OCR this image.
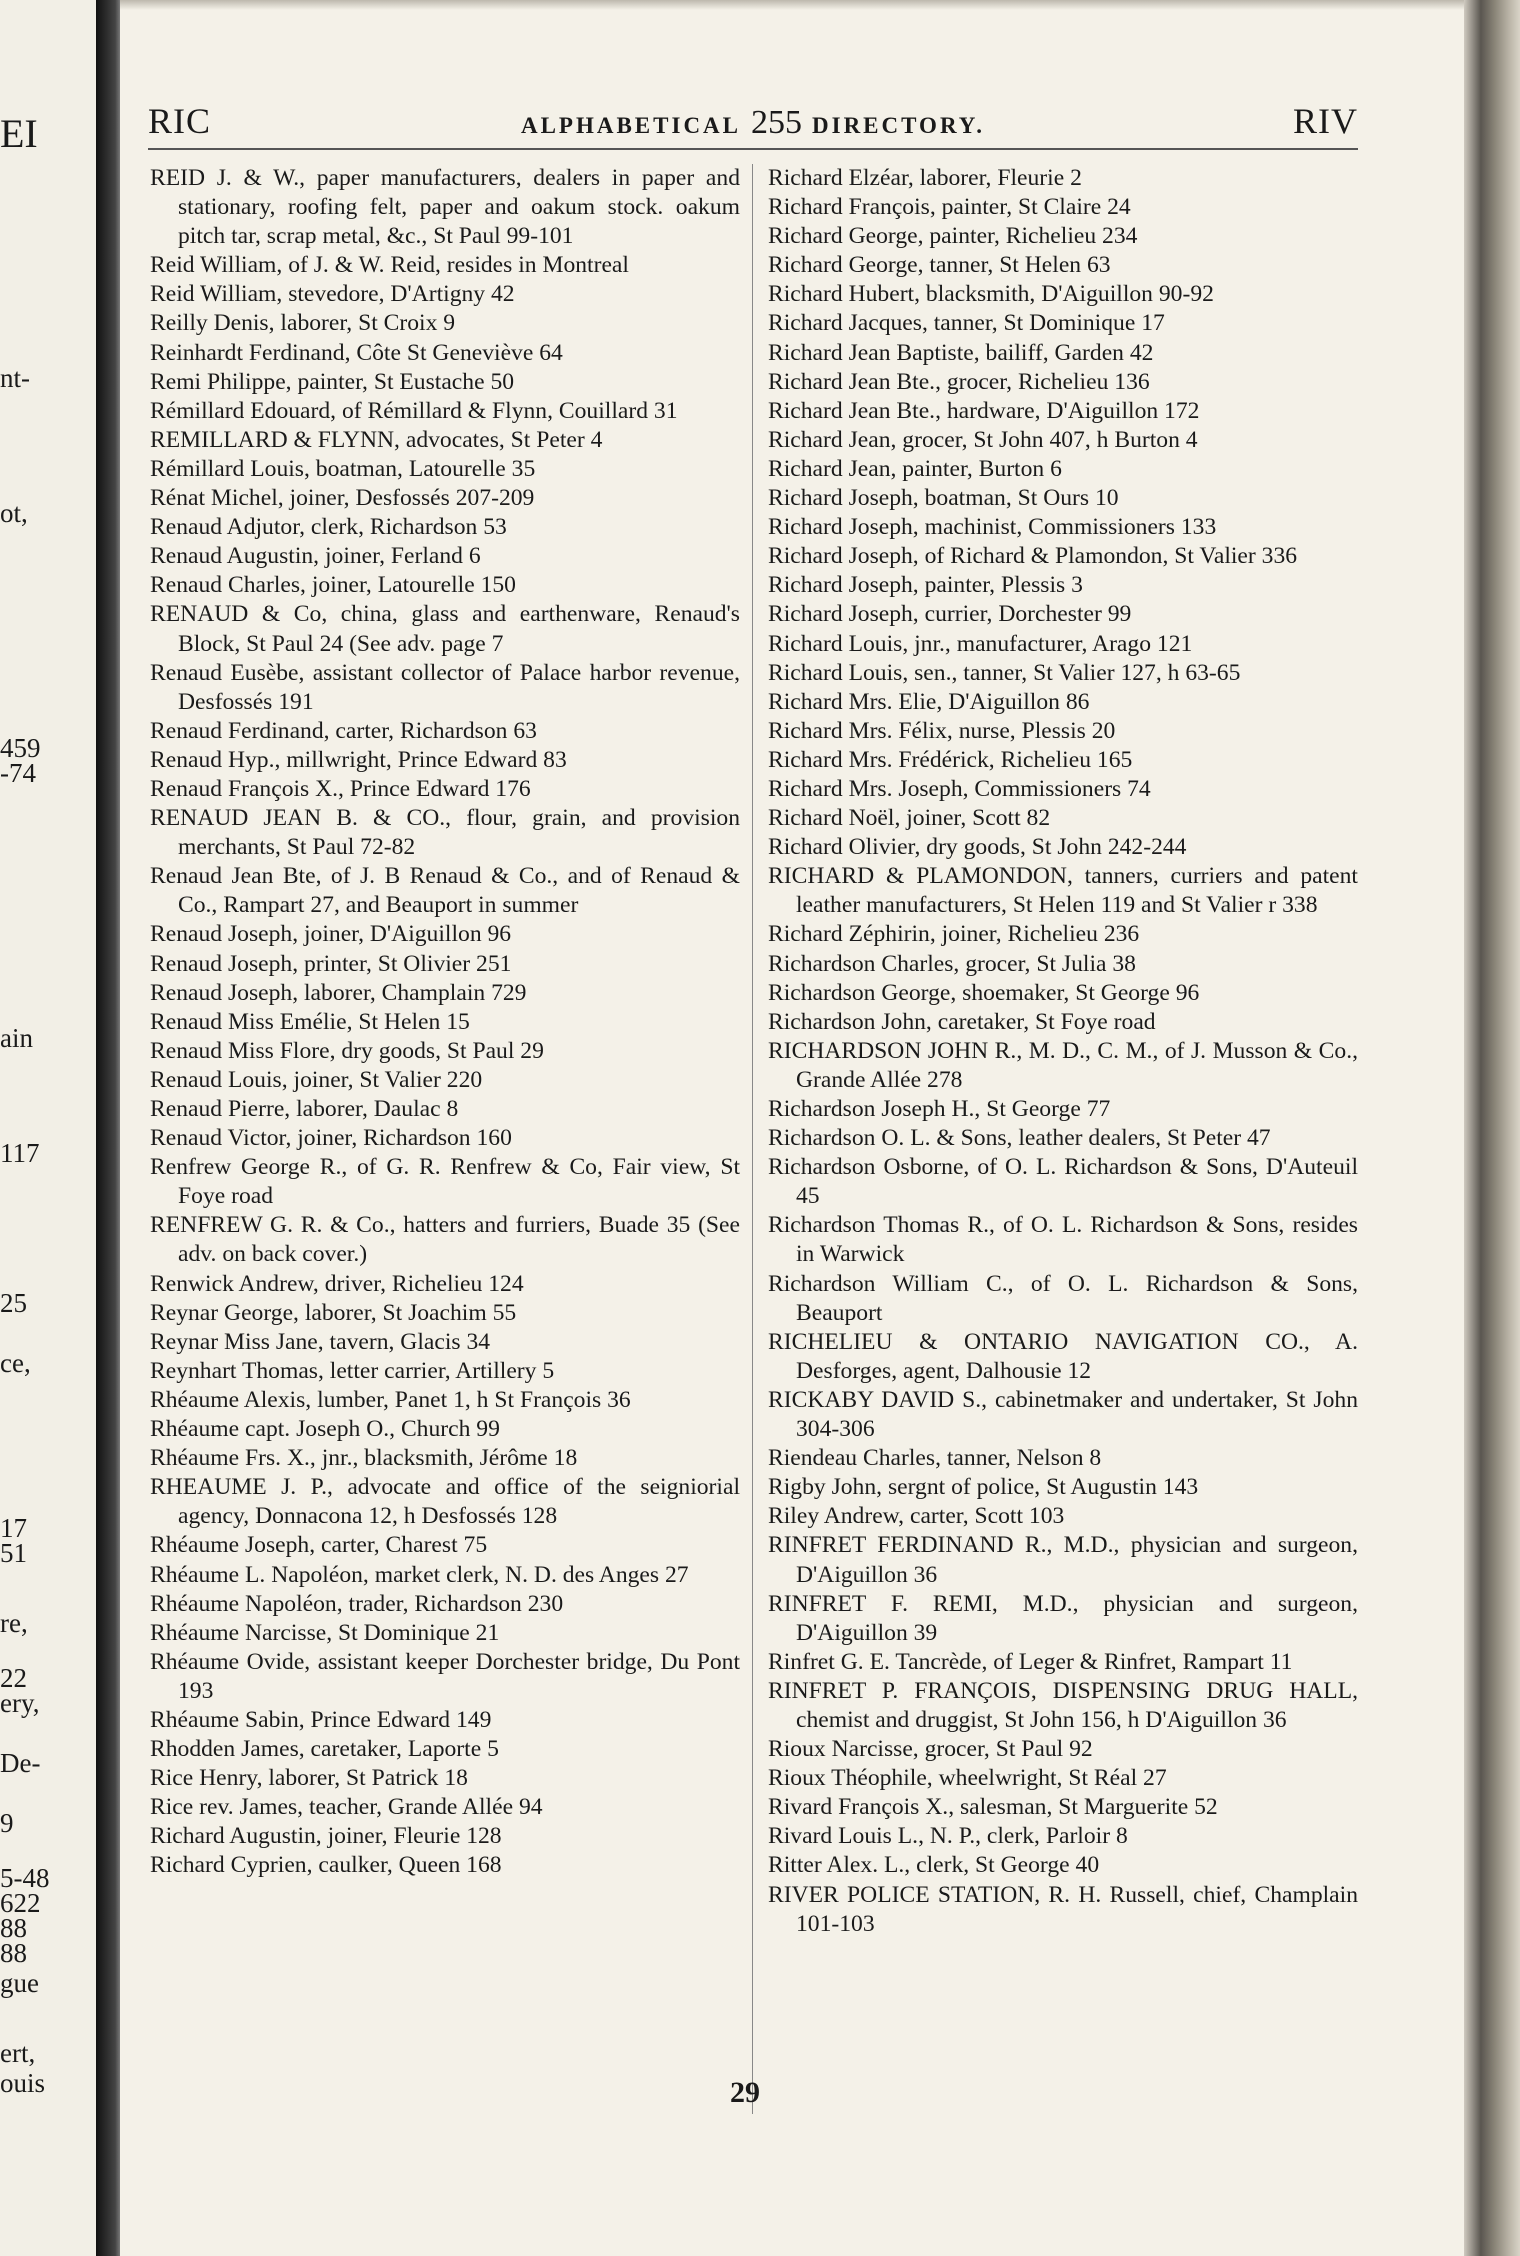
EI
nt-
ot,
459
-74
ain
117
25
ce,
17
51
re,
22
ery,
De-
9
5-48
622
88
88
gue
ert,
ouis
RIC	ALPHABETICAL 255 DIRECTORY.	RIV
REID J. & W., paper manufacturers, dealers in paper and stationary, roofing felt, paper and oakum stock. oakum pitch tar, scrap metal, &c., St Paul 99-101
Reid William, of J. & W. Reid, resides in Montreal
Reid William, stevedore, D'Artigny 42
Reilly Denis, laborer, St Croix 9
Reinhardt Ferdinand, Côte St Geneviève 64
Remi Philippe, painter, St Eustache 50
Rémillard Edouard, of Rémillard & Flynn, Couillard 31
REMILLARD & FLYNN, advocates, St Peter 4
Rémillard Louis, boatman, Latourelle 35
Rénat Michel, joiner, Desfossés 207-209
Renaud Adjutor, clerk, Richardson 53
Renaud Augustin, joiner, Ferland 6
Renaud Charles, joiner, Latourelle 150
RENAUD & Co, china, glass and earthenware, Renaud's Block, St Paul 24 (See adv. page 7
Renaud Eusèbe, assistant collector of Palace harbor revenue, Desfossés 191
Renaud Ferdinand, carter, Richardson 63
Renaud Hyp., millwright, Prince Edward 83
Renaud François X., Prince Edward 176
RENAUD JEAN B. & CO., flour, grain, and provision merchants, St Paul 72-82
Renaud Jean Bte, of J. B Renaud & Co., and of Renaud & Co., Rampart 27, and Beauport in summer
Renaud Joseph, joiner, D'Aiguillon 96
Renaud Joseph, printer, St Olivier 251
Renaud Joseph, laborer, Champlain 729
Renaud Miss Emélie, St Helen 15
Renaud Miss Flore, dry goods, St Paul 29
Renaud Louis, joiner, St Valier 220
Renaud Pierre, laborer, Daulac 8
Renaud Victor, joiner, Richardson 160
Renfrew George R., of G. R. Renfrew & Co, Fair view, St Foye road
RENFREW G. R. & Co., hatters and furriers, Buade 35 (See adv. on back cover.)
Renwick Andrew, driver, Richelieu 124
Reynar George, laborer, St Joachim 55
Reynar Miss Jane, tavern, Glacis 34
Reynhart Thomas, letter carrier, Artillery 5
Rhéaume Alexis, lumber, Panet 1, h St François 36
Rhéaume capt. Joseph O., Church 99
Rhéaume Frs. X., jnr., blacksmith, Jérôme 18
RHEAUME J. P., advocate and office of the seigniorial agency, Donnacona 12, h Desfossés 128
Rhéaume Joseph, carter, Charest 75
Rhéaume L. Napoléon, market clerk, N. D. des Anges 27
Rhéaume Napoléon, trader, Richardson 230
Rhéaume Narcisse, St Dominique 21
Rhéaume Ovide, assistant keeper Dorchester bridge, Du Pont 193
Rhéaume Sabin, Prince Edward 149
Rhodden James, caretaker, Laporte 5
Rice Henry, laborer, St Patrick 18
Rice rev. James, teacher, Grande Allée 94
Richard Augustin, joiner, Fleurie 128
Richard Cyprien, caulker, Queen 168
Richard Elzéar, laborer, Fleurie 2
Richard François, painter, St Claire 24
Richard George, painter, Richelieu 234
Richard George, tanner, St Helen 63
Richard Hubert, blacksmith, D'Aiguillon 90-92
Richard Jacques, tanner, St Dominique 17
Richard Jean Baptiste, bailiff, Garden 42
Richard Jean Bte., grocer, Richelieu 136
Richard Jean Bte., hardware, D'Aiguillon 172
Richard Jean, grocer, St John 407, h Burton 4
Richard Jean, painter, Burton 6
Richard Joseph, boatman, St Ours 10
Richard Joseph, machinist, Commissioners 133
Richard Joseph, of Richard & Plamondon, St Valier 336
Richard Joseph, painter, Plessis 3
Richard Joseph, currier, Dorchester 99
Richard Louis, jnr., manufacturer, Arago 121
Richard Louis, sen., tanner, St Valier 127, h 63-65
Richard Mrs. Elie, D'Aiguillon 86
Richard Mrs. Félix, nurse, Plessis 20
Richard Mrs. Frédérick, Richelieu 165
Richard Mrs. Joseph, Commissioners 74
Richard Noël, joiner, Scott 82
Richard Olivier, dry goods, St John 242-244
RICHARD & PLAMONDON, tanners, curriers and patent leather manufacturers, St Helen 119 and St Valier r 338
Richard Zéphirin, joiner, Richelieu 236
Richardson Charles, grocer, St Julia 38
Richardson George, shoemaker, St George 96
Richardson John, caretaker, St Foye road
RICHARDSON JOHN R., M. D., C. M., of J. Musson & Co., Grande Allée 278
Richardson Joseph H., St George 77
Richardson O. L. & Sons, leather dealers, St Peter 47
Richardson Osborne, of O. L. Richardson & Sons, D'Auteuil 45
Richardson Thomas R., of O. L. Richardson & Sons, resides in Warwick
Richardson William C., of O. L. Richardson & Sons, Beauport
RICHELIEU & ONTARIO NAVIGATION CO., A. Desforges, agent, Dalhousie 12
RICKABY DAVID S., cabinetmaker and undertaker, St John 304-306
Riendeau Charles, tanner, Nelson 8
Rigby John, sergnt of police, St Augustin 143
Riley Andrew, carter, Scott 103
RINFRET FERDINAND R., M.D., physician and surgeon, D'Aiguillon 36
RINFRET F. REMI, M.D., physician and surgeon, D'Aiguillon 39
Rinfret G. E. Tancrède, of Leger & Rinfret, Rampart 11
RINFRET P. FRANÇOIS, DISPENSING DRUG HALL, chemist and druggist, St John 156, h D'Aiguillon 36
Rioux Narcisse, grocer, St Paul 92
Rioux Théophile, wheelwright, St Réal 27
Rivard François X., salesman, St Marguerite 52
Rivard Louis L., N. P., clerk, Parloir 8
Ritter Alex. L., clerk, St George 40
RIVER POLICE STATION, R. H. Russell, chief, Champlain 101-103
29
